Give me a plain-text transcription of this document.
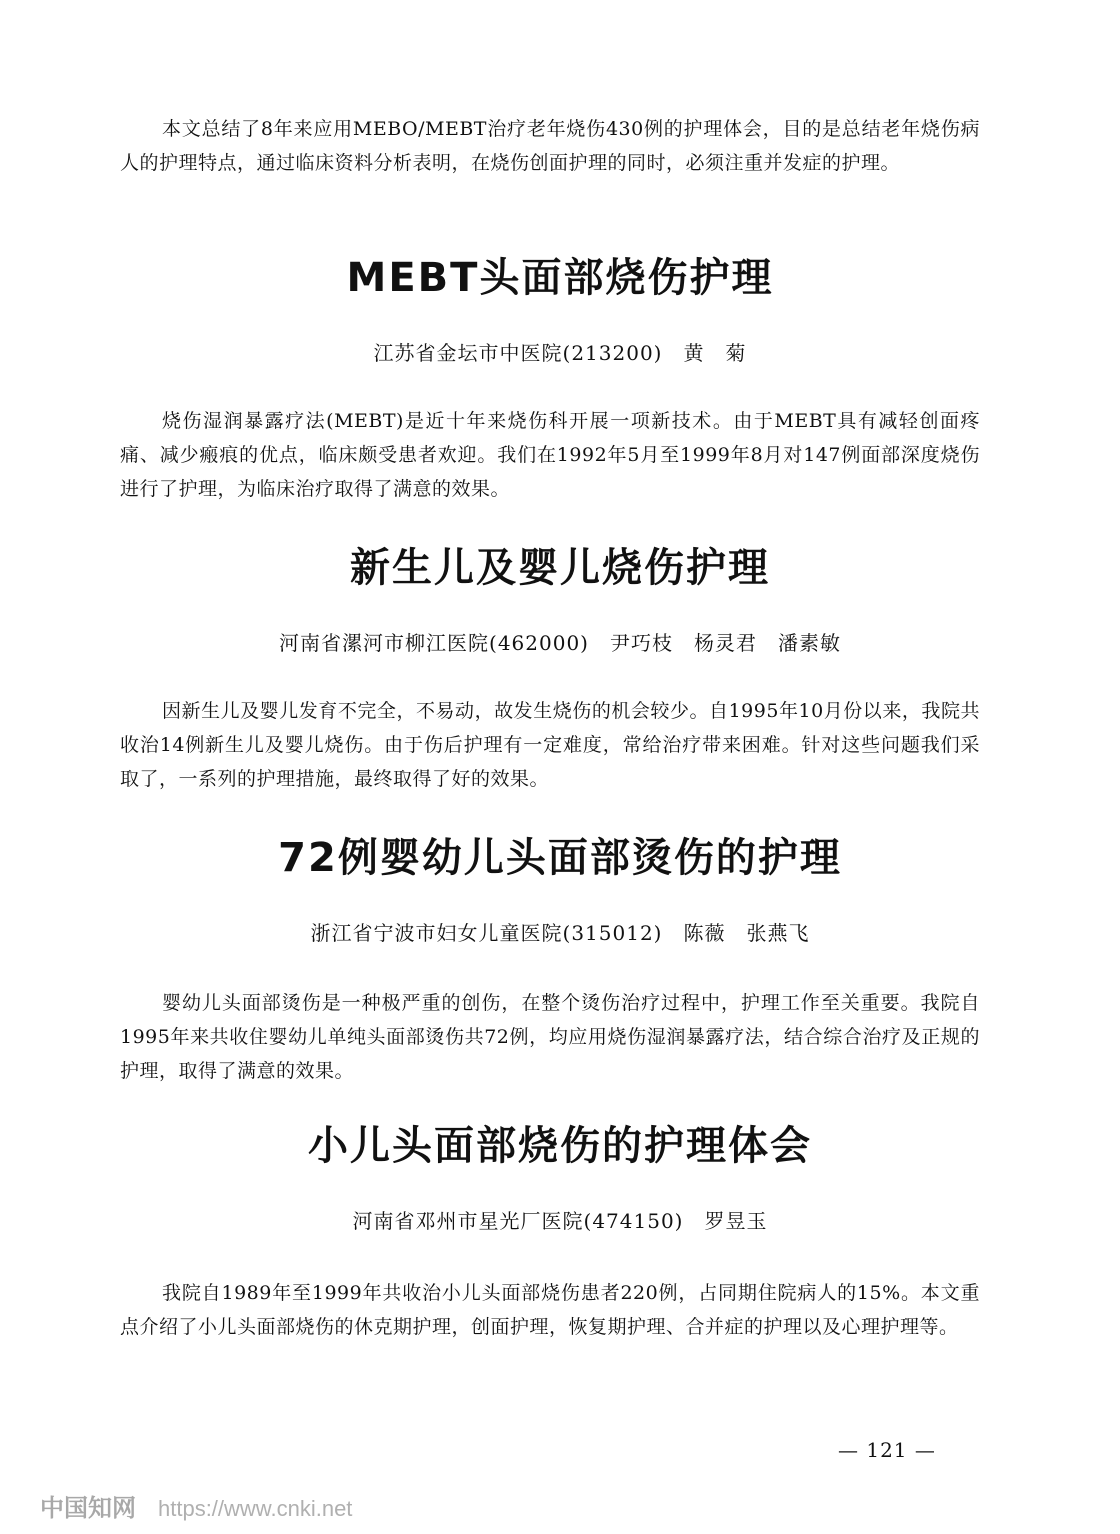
本文总结了8年来应用MEBO/MEBT治疗老年烧伤430例的护理体会，目的是总结老年烧伤病人的护理特点，通过临床资料分析表明，在烧伤创面护理的同时，必须注重并发症的护理。

MEBT头面部烧伤护理
江苏省金坛市中医院(213200)　黄　菊

烧伤湿润暴露疗法(MEBT)是近十年来烧伤科开展一项新技术。由于MEBT具有减轻创面疼痛、减少瘢痕的优点，临床颇受患者欢迎。我们在1992年5月至1999年8月对147例面部深度烧伤进行了护理，为临床治疗取得了满意的效果。

新生儿及婴儿烧伤护理
河南省漯河市柳江医院(462000)　尹巧枝　杨灵君　潘素敏

因新生儿及婴儿发育不完全，不易动，故发生烧伤的机会较少。自1995年10月份以来，我院共收治14例新生儿及婴儿烧伤。由于伤后护理有一定难度，常给治疗带来困难。针对这些问题我们采取了，一系列的护理措施，最终取得了好的效果。

72例婴幼儿头面部烫伤的护理
浙江省宁波市妇女儿童医院(315012)　陈薇　张燕飞

婴幼儿头面部烫伤是一种极严重的创伤，在整个烫伤治疗过程中，护理工作至关重要。我院自1995年来共收住婴幼儿单纯头面部烫伤共72例，均应用烧伤湿润暴露疗法，结合综合治疗及正规的护理，取得了满意的效果。

小儿头面部烧伤的护理体会
河南省邓州市星光厂医院(474150)　罗昱玉

我院自1989年至1999年共收治小儿头面部烧伤患者220例，占同期住院病人的15%。本文重点介绍了小儿头面部烧伤的休克期护理，创面护理，恢复期护理、合并症的护理以及心理护理等。

— 121 —
中国知网 https://www.cnki.net
